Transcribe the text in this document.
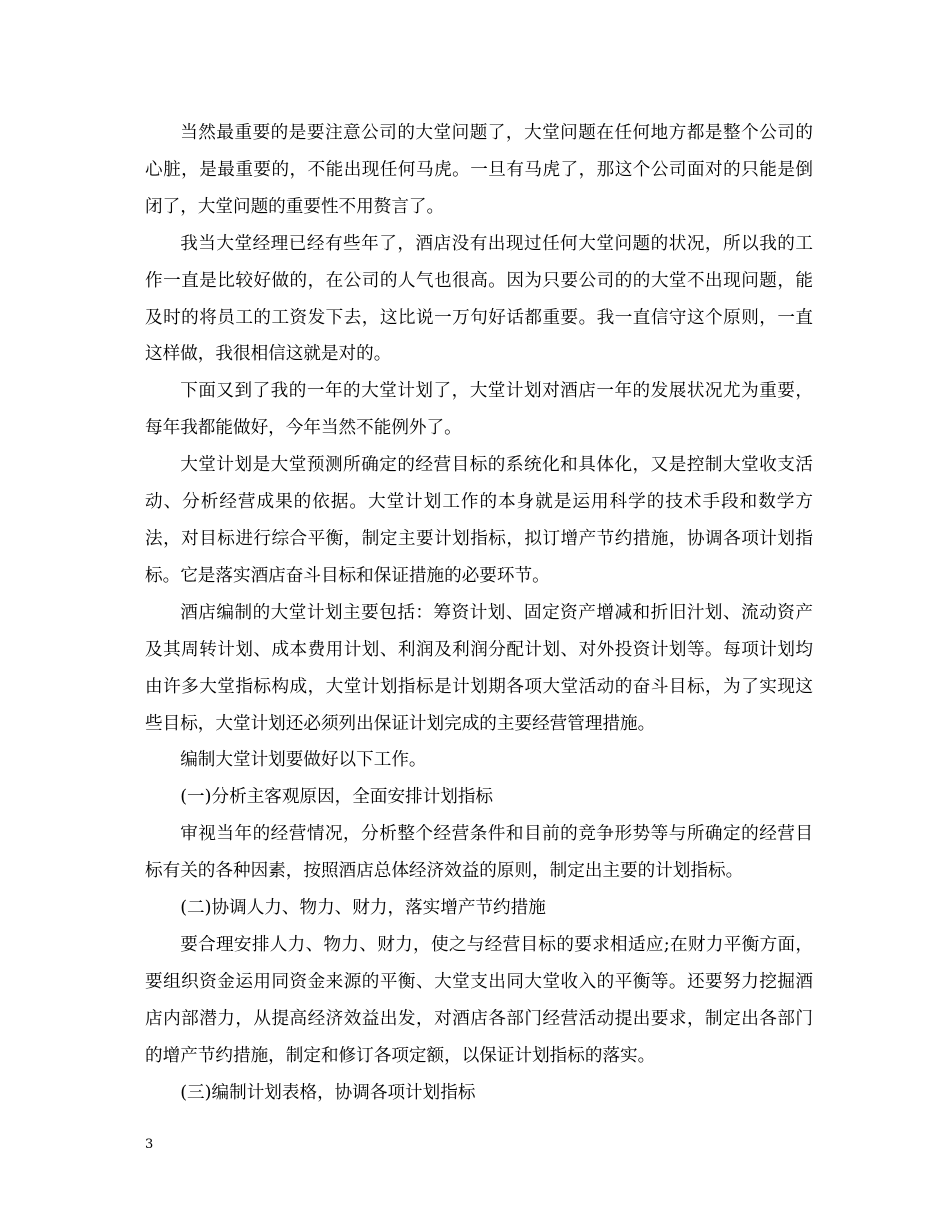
当然最重要的是要注意公司的大堂问题了，大堂问题在任何地方都是整个公司的心脏，是最重要的，不能出现任何马虎。一旦有马虎了，那这个公司面对的只能是倒闭了，大堂问题的重要性不用赘言了。

我当大堂经理已经有些年了，酒店没有出现过任何大堂问题的状况，所以我的工作一直是比较好做的，在公司的人气也很高。因为只要公司的的大堂不出现问题，能及时的将员工的工资发下去，这比说一万句好话都重要。我一直信守这个原则，一直这样做，我很相信这就是对的。

下面又到了我的一年的大堂计划了，大堂计划对酒店一年的发展状况尤为重要，每年我都能做好，今年当然不能例外了。

大堂计划是大堂预测所确定的经营目标的系统化和具体化，又是控制大堂收支活动、分析经营成果的依据。大堂计划工作的本身就是运用科学的技术手段和数学方法，对目标进行综合平衡，制定主要计划指标，拟订增产节约措施，协调各项计划指标。它是落实酒店奋斗目标和保证措施的必要环节。

酒店编制的大堂计划主要包括：筹资计划、固定资产增减和折旧汁划、流动资产及其周转计划、成本费用计划、利润及利润分配计划、对外投资计划等。每项计划均由许多大堂指标构成，大堂计划指标是计划期各项大堂活动的奋斗目标，为了实现这些目标，大堂计划还必须列出保证计划完成的主要经营管理措施。

编制大堂计划要做好以下工作。

(一)分析主客观原因，全面安排计划指标

审视当年的经营情况，分析整个经营条件和目前的竞争形势等与所确定的经营目标有关的各种因素，按照酒店总体经济效益的原则，制定出主要的计划指标。

(二)协调人力、物力、财力，落实增产节约措施

要合理安排人力、物力、财力，使之与经营目标的要求相适应;在财力平衡方面，要组织资金运用同资金来源的平衡、大堂支出同大堂收入的平衡等。还要努力挖掘酒店内部潜力，从提高经济效益出发，对酒店各部门经营活动提出要求，制定出各部门的增产节约措施，制定和修订各项定额，以保证计划指标的落实。

(三)编制计划表格，协调各项计划指标

3
